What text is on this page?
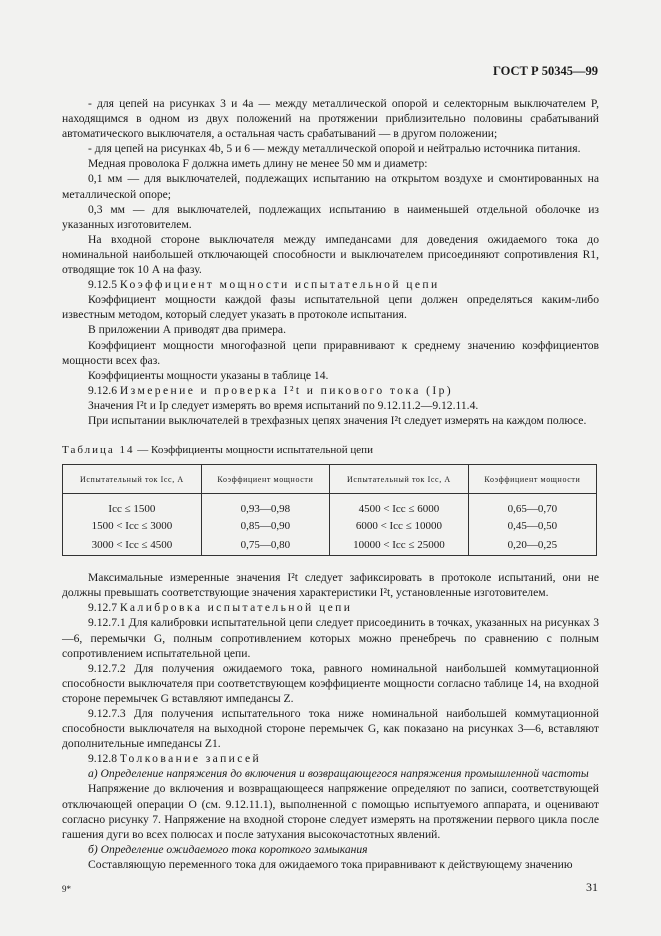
ГОСТ Р 50345—99

- для цепей на рисунках 3 и 4а — между металлической опорой и селекторным выключателем P, находящимся в одном из двух положений на протяжении приблизительно половины срабатываний автоматического выключателя, а остальная часть срабатываний — в другом положении;

- для цепей на рисунках 4b, 5 и 6 — между металлической опорой и нейтралью источника питания.

Медная проволока F должна иметь длину не менее 50 мм и диаметр:

0,1 мм — для выключателей, подлежащих испытанию на открытом воздухе и смонтированных на металлической опоре;

0,3 мм — для выключателей, подлежащих испытанию в наименьшей отдельной оболочке из указанных изготовителем.

На входной стороне выключателя между импедансами для доведения ожидаемого тока до номинальной наибольшей отключающей способности и выключателем присоединяют сопротивления R1, отводящие ток 10 А на фазу.

9.12.5 Коэффициент мощности испытательной цепи

Коэффициент мощности каждой фазы испытательной цепи должен определяться каким-либо известным методом, который следует указать в протоколе испытания.

В приложении А приводят два примера.

Коэффициент мощности многофазной цепи приравнивают к среднему значению коэффициентов мощности всех фаз.

Коэффициенты мощности указаны в таблице 14.

9.12.6 Измерение и проверка I²t и пикового тока (Ip)

Значения I²t и Ip следует измерять во время испытаний по 9.12.11.2—9.12.11.4.

При испытании выключателей в трехфазных цепях значения I²t следует измерять на каждом полюсе.

Таблица 14 — Коэффициенты мощности испытательной цепи

Испытательный ток Icc, А	Коэффициент мощности	Испытательный ток Icc, А	Коэффициент мощности

Icc ≤ 1500	0,93—0,98	4500 < Icc ≤ 6000	0,65—0,70
1500 < Icc ≤ 3000	0,85—0,90	6000 < Icc ≤ 10000	0,45—0,50
3000 < Icc ≤ 4500	0,75—0,80	10000 < Icc ≤ 25000	0,20—0,25

Максимальные измеренные значения I²t следует зафиксировать в протоколе испытаний, они не должны превышать соответствующие значения характеристики I²t, установленные изготовителем.

9.12.7 Калибровка испытательной цепи

9.12.7.1 Для калибровки испытательной цепи следует присоединить в точках, указанных на рисунках 3—6, перемычки G, полным сопротивлением которых можно пренебречь по сравнению с полным сопротивлением испытательной цепи.

9.12.7.2 Для получения ожидаемого тока, равного номинальной наибольшей коммутационной способности выключателя при соответствующем коэффициенте мощности согласно таблице 14, на входной стороне перемычек G вставляют импедансы Z.

9.12.7.3 Для получения испытательного тока ниже номинальной наибольшей коммутационной способности выключателя на выходной стороне перемычек G, как показано на рисунках 3—6, вставляют дополнительные импедансы Z1.

9.12.8 Толкование записей

а) Определение напряжения до включения и возвращающегося напряжения промышленной частоты

Напряжение до включения и возвращающееся напряжение определяют по записи, соответствующей отключающей операции О (см. 9.12.11.1), выполненной с помощью испытуемого аппарата, и оценивают согласно рисунку 7. Напряжение на входной стороне следует измерять на протяжении первого цикла после гашения дуги во всех полюсах и после затухания высокочастотных явлений.

б) Определение ожидаемого тока короткого замыкания

Составляющую переменного тока для ожидаемого тока приравнивают к действующему значению

9*	31
